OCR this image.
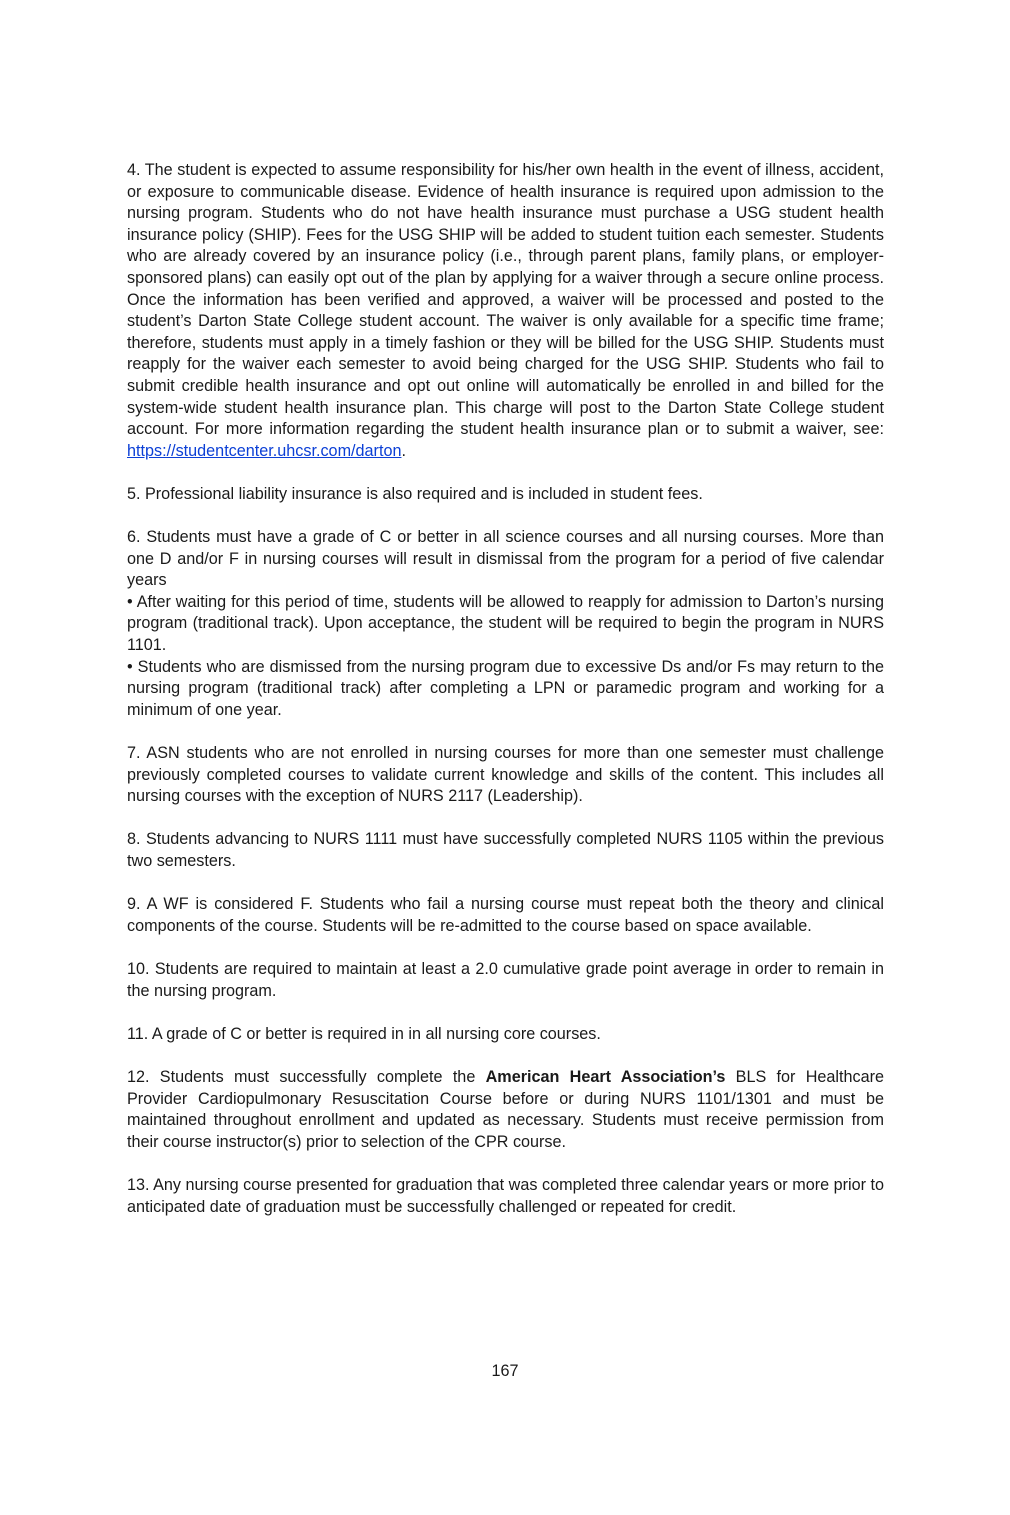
4. The student is expected to assume responsibility for his/her own health in the event of illness, accident, or exposure to communicable disease. Evidence of health insurance is required upon admission to the nursing program. Students who do not have health insurance must purchase a USG student health insurance policy (SHIP). Fees for the USG SHIP will be added to student tuition each semester. Students who are already covered by an insurance policy (i.e., through parent plans, family plans, or employer-sponsored plans) can easily opt out of the plan by applying for a waiver through a secure online process. Once the information has been verified and approved, a waiver will be processed and posted to the student’s Darton State College student account. The waiver is only available for a specific time frame; therefore, students must apply in a timely fashion or they will be billed for the USG SHIP. Students must reapply for the waiver each semester to avoid being charged for the USG SHIP. Students who fail to submit credible health insurance and opt out online will automatically be enrolled in and billed for the system-wide student health insurance plan. This charge will post to the Darton State College student account. For more information regarding the student health insurance plan or to submit a waiver, see: https://studentcenter.uhcsr.com/darton.

5. Professional liability insurance is also required and is included in student fees.

6. Students must have a grade of C or better in all science courses and all nursing courses. More than one D and/or F in nursing courses will result in dismissal from the program for a period of five calendar years

• After waiting for this period of time, students will be allowed to reapply for admission to Darton’s nursing program (traditional track). Upon acceptance, the student will be required to begin the program in NURS 1101.

• Students who are dismissed from the nursing program due to excessive Ds and/or Fs may return to the nursing program (traditional track) after completing a LPN or paramedic program and working for a minimum of one year.

7. ASN students who are not enrolled in nursing courses for more than one semester must challenge previously completed courses to validate current knowledge and skills of the content. This includes all nursing courses with the exception of NURS 2117 (Leadership).

8. Students advancing to NURS 1111 must have successfully completed NURS 1105 within the previous two semesters.

9. A WF is considered F. Students who fail a nursing course must repeat both the theory and clinical components of the course. Students will be re-admitted to the course based on space available.

10. Students are required to maintain at least a 2.0 cumulative grade point average in order to remain in the nursing program.

11. A grade of C or better is required in in all nursing core courses.

12. Students must successfully complete the American Heart Association’s BLS for Healthcare Provider Cardiopulmonary Resuscitation Course before or during NURS 1101/1301 and must be maintained throughout enrollment and updated as necessary. Students must receive permission from their course instructor(s) prior to selection of the CPR course.

13. Any nursing course presented for graduation that was completed three calendar years or more prior to anticipated date of graduation must be successfully challenged or repeated for credit.

167
